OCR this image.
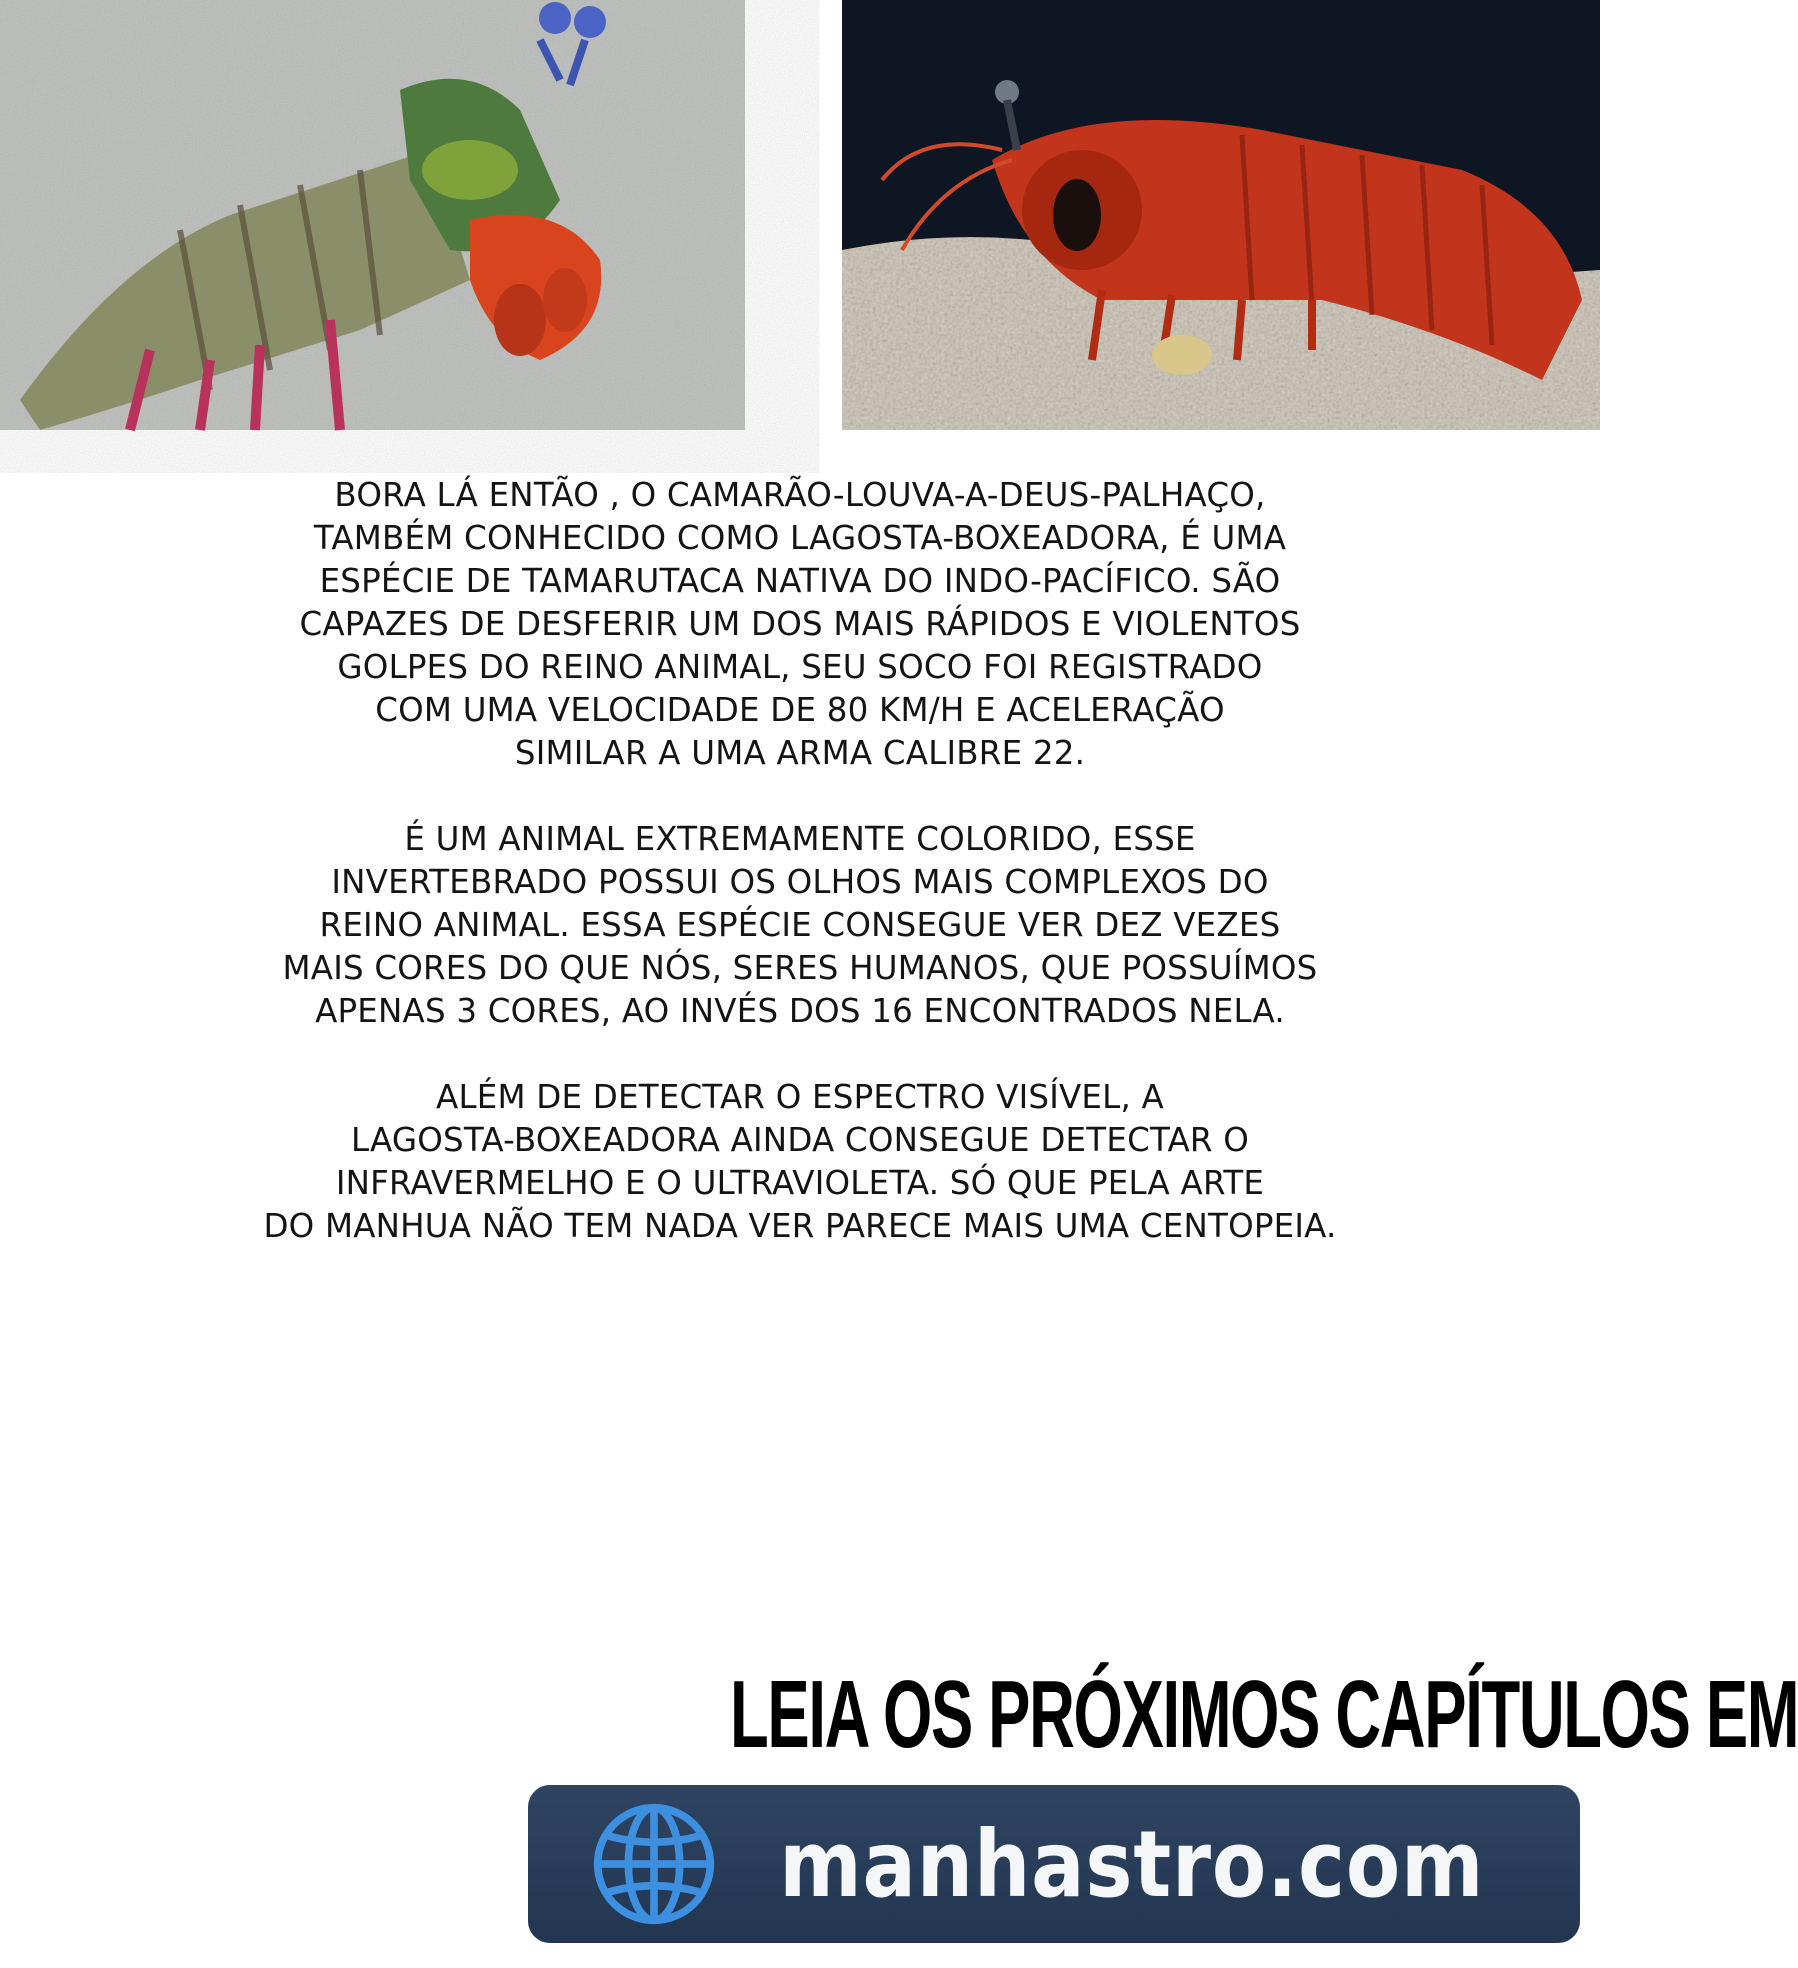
BORA LÁ ENTÃO , O CAMARÃO-LOUVA-A-DEUS-PALHAÇO,
TAMBÉM CONHECIDO COMO LAGOSTA-BOXEADORA, É UMA
ESPÉCIE DE TAMARUTACA NATIVA DO INDO-PACÍFICO. SÃO
CAPAZES DE DESFERIR UM DOS MAIS RÁPIDOS E VIOLENTOS
GOLPES DO REINO ANIMAL, SEU SOCO FOI REGISTRADO
COM UMA VELOCIDADE DE 80 KM/H E ACELERAÇÃO
SIMILAR A UMA ARMA CALIBRE 22.

É UM ANIMAL EXTREMAMENTE COLORIDO, ESSE
INVERTEBRADO POSSUI OS OLHOS MAIS COMPLEXOS DO
REINO ANIMAL. ESSA ESPÉCIE CONSEGUE VER DEZ VEZES
MAIS CORES DO QUE NÓS, SERES HUMANOS, QUE POSSUÍMOS
APENAS 3 CORES, AO INVÉS DOS 16 ENCONTRADOS NELA.

ALÉM DE DETECTAR O ESPECTRO VISÍVEL, A
LAGOSTA-BOXEADORA AINDA CONSEGUE DETECTAR O
INFRAVERMELHO E O ULTRAVIOLETA. SÓ QUE PELA ARTE
DO MANHUA NÃO TEM NADA VER PARECE MAIS UMA CENTOPEIA.

LEIA OS PRÓXIMOS CAPÍTULOS EM
manhastro.com
